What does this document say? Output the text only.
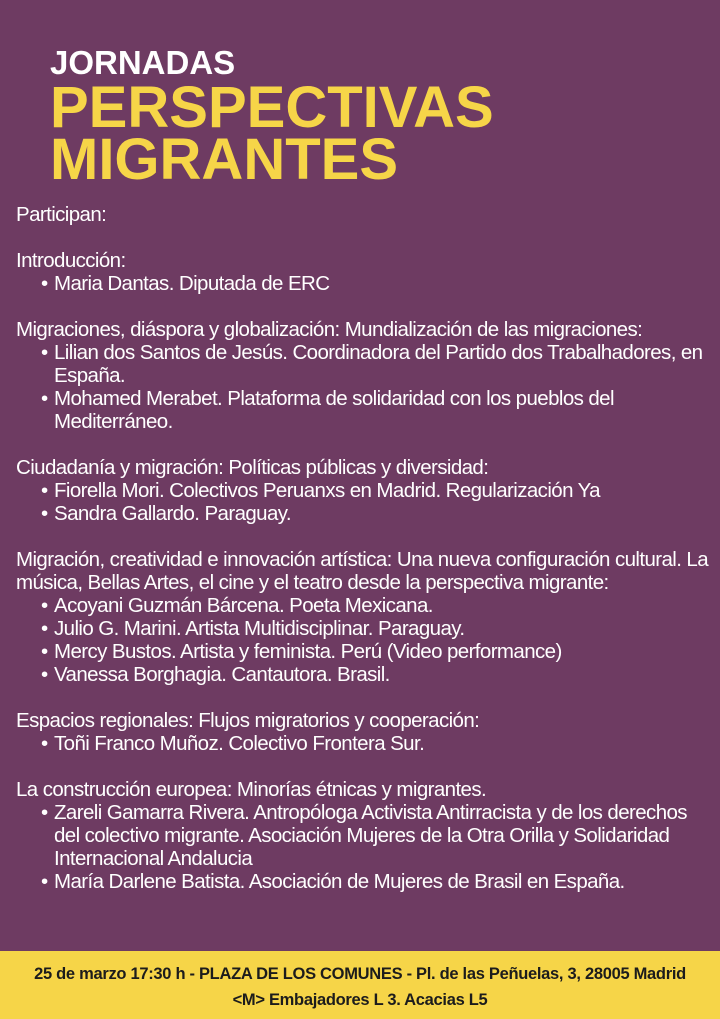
JORNADAS
PERSPECTIVAS
MIGRANTES
Participan:
Introducción:
• Maria Dantas. Diputada de ERC
Migraciones, diáspora y globalización: Mundialización de las migraciones:
• Lilian dos Santos de Jesús. Coordinadora del Partido dos Trabalhadores, en España.
• Mohamed Merabet. Plataforma de solidaridad con los pueblos del Mediterráneo.
Ciudadanía y migración: Políticas públicas y diversidad:
• Fiorella Mori. Colectivos Peruanxs en Madrid. Regularización Ya
• Sandra Gallardo. Paraguay.
Migración, creatividad e innovación artística: Una nueva configuración cultural. La música, Bellas Artes, el cine y el teatro desde la perspectiva migrante:
• Acoyani Guzmán Bárcena. Poeta Mexicana.
• Julio G. Marini. Artista Multidisciplinar. Paraguay.
• Mercy Bustos. Artista y feminista. Perú (Video performance)
• Vanessa Borghagia. Cantautora. Brasil.
Espacios regionales: Flujos migratorios y cooperación:
• Toñi Franco Muñoz. Colectivo Frontera Sur.
La construcción europea: Minorías étnicas y migrantes.
• Zareli Gamarra Rivera. Antropóloga Activista Antirracista y de los derechos del colectivo migrante. Asociación Mujeres de la Otra Orilla y Solidaridad Internacional Andalucia
• María Darlene Batista. Asociación de Mujeres de Brasil en España.
25 de marzo 17:30 h - PLAZA DE LOS COMUNES - Pl. de las Peñuelas, 3, 28005 Madrid
<M> Embajadores L 3. Acacias L5
